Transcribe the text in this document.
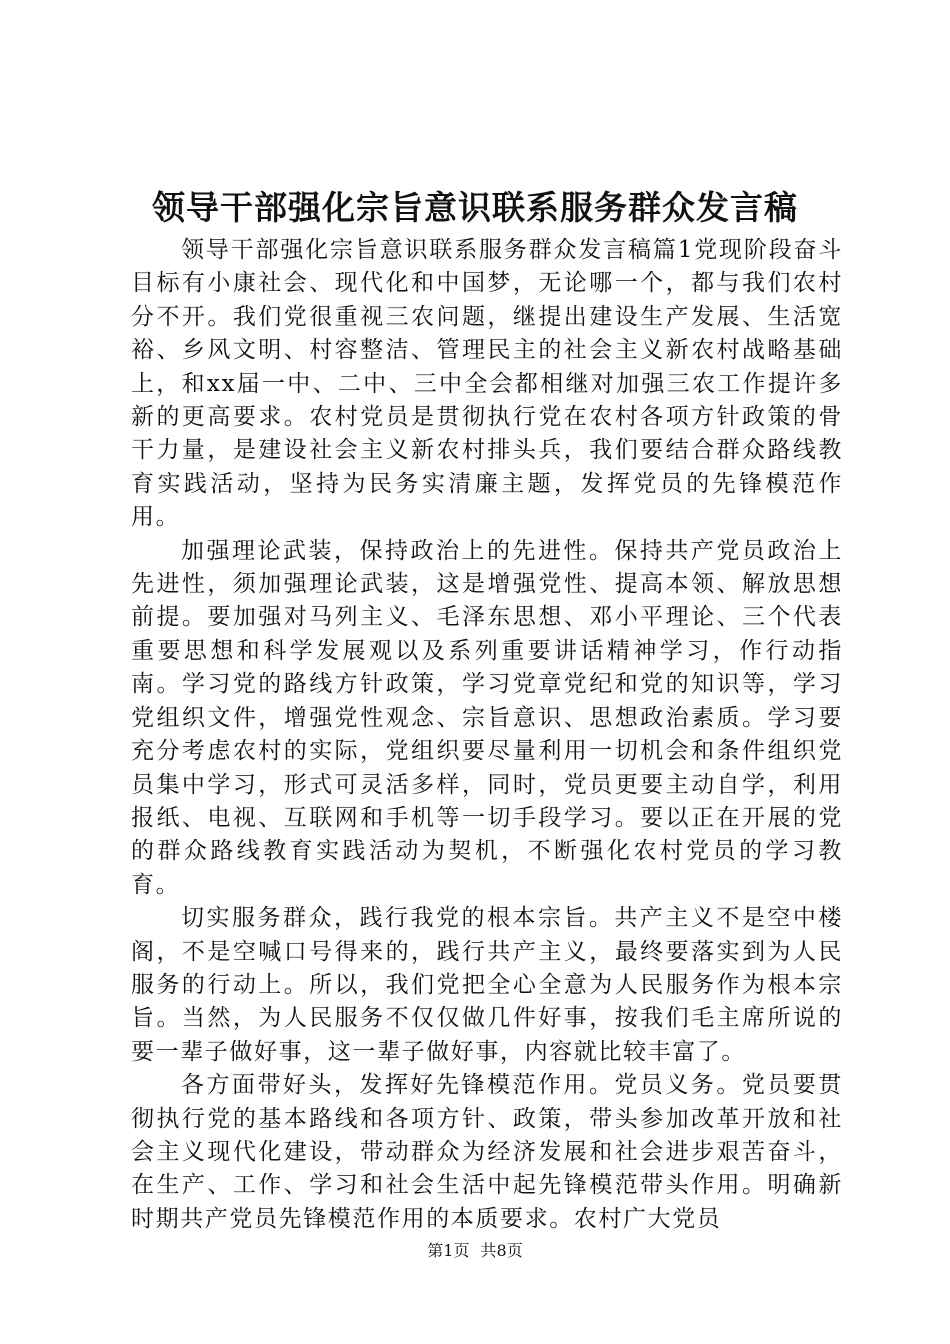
领导干部强化宗旨意识联系服务群众发言稿

领导干部强化宗旨意识联系服务群众发言稿篇1党现阶段奋斗目标有小康社会、现代化和中国梦，无论哪一个，都与我们农村分不开。我们党很重视三农问题，继提出建设生产发展、生活宽裕、乡风文明、村容整洁、管理民主的社会主义新农村战略基础上，和xx届一中、二中、三中全会都相继对加强三农工作提许多新的更高要求。农村党员是贯彻执行党在农村各项方针政策的骨干力量，是建设社会主义新农村排头兵，我们要结合群众路线教育实践活动，坚持为民务实清廉主题，发挥党员的先锋模范作用。

加强理论武装，保持政治上的先进性。保持共产党员政治上先进性，须加强理论武装，这是增强党性、提高本领、解放思想前提。要加强对马列主义、毛泽东思想、邓小平理论、三个代表重要思想和科学发展观以及系列重要讲话精神学习，作行动指南。学习党的路线方针政策，学习党章党纪和党的知识等，学习党组织文件，增强党性观念、宗旨意识、思想政治素质。学习要充分考虑农村的实际，党组织要尽量利用一切机会和条件组织党员集中学习，形式可灵活多样，同时，党员更要主动自学，利用报纸、电视、互联网和手机等一切手段学习。要以正在开展的党的群众路线教育实践活动为契机，不断强化农村党员的学习教育。

切实服务群众，践行我党的根本宗旨。共产主义不是空中楼阁，不是空喊口号得来的，践行共产主义，最终要落实到为人民服务的行动上。所以，我们党把全心全意为人民服务作为根本宗旨。当然，为人民服务不仅仅做几件好事，按我们毛主席所说的要一辈子做好事，这一辈子做好事，内容就比较丰富了。

各方面带好头，发挥好先锋模范作用。党员义务。党员要贯彻执行党的基本路线和各项方针、政策，带头参加改革开放和社会主义现代化建设，带动群众为经济发展和社会进步艰苦奋斗，在生产、工作、学习和社会生活中起先锋模范带头作用。明确新时期共产党员先锋模范作用的本质要求。农村广大党员

第1页 共8页
